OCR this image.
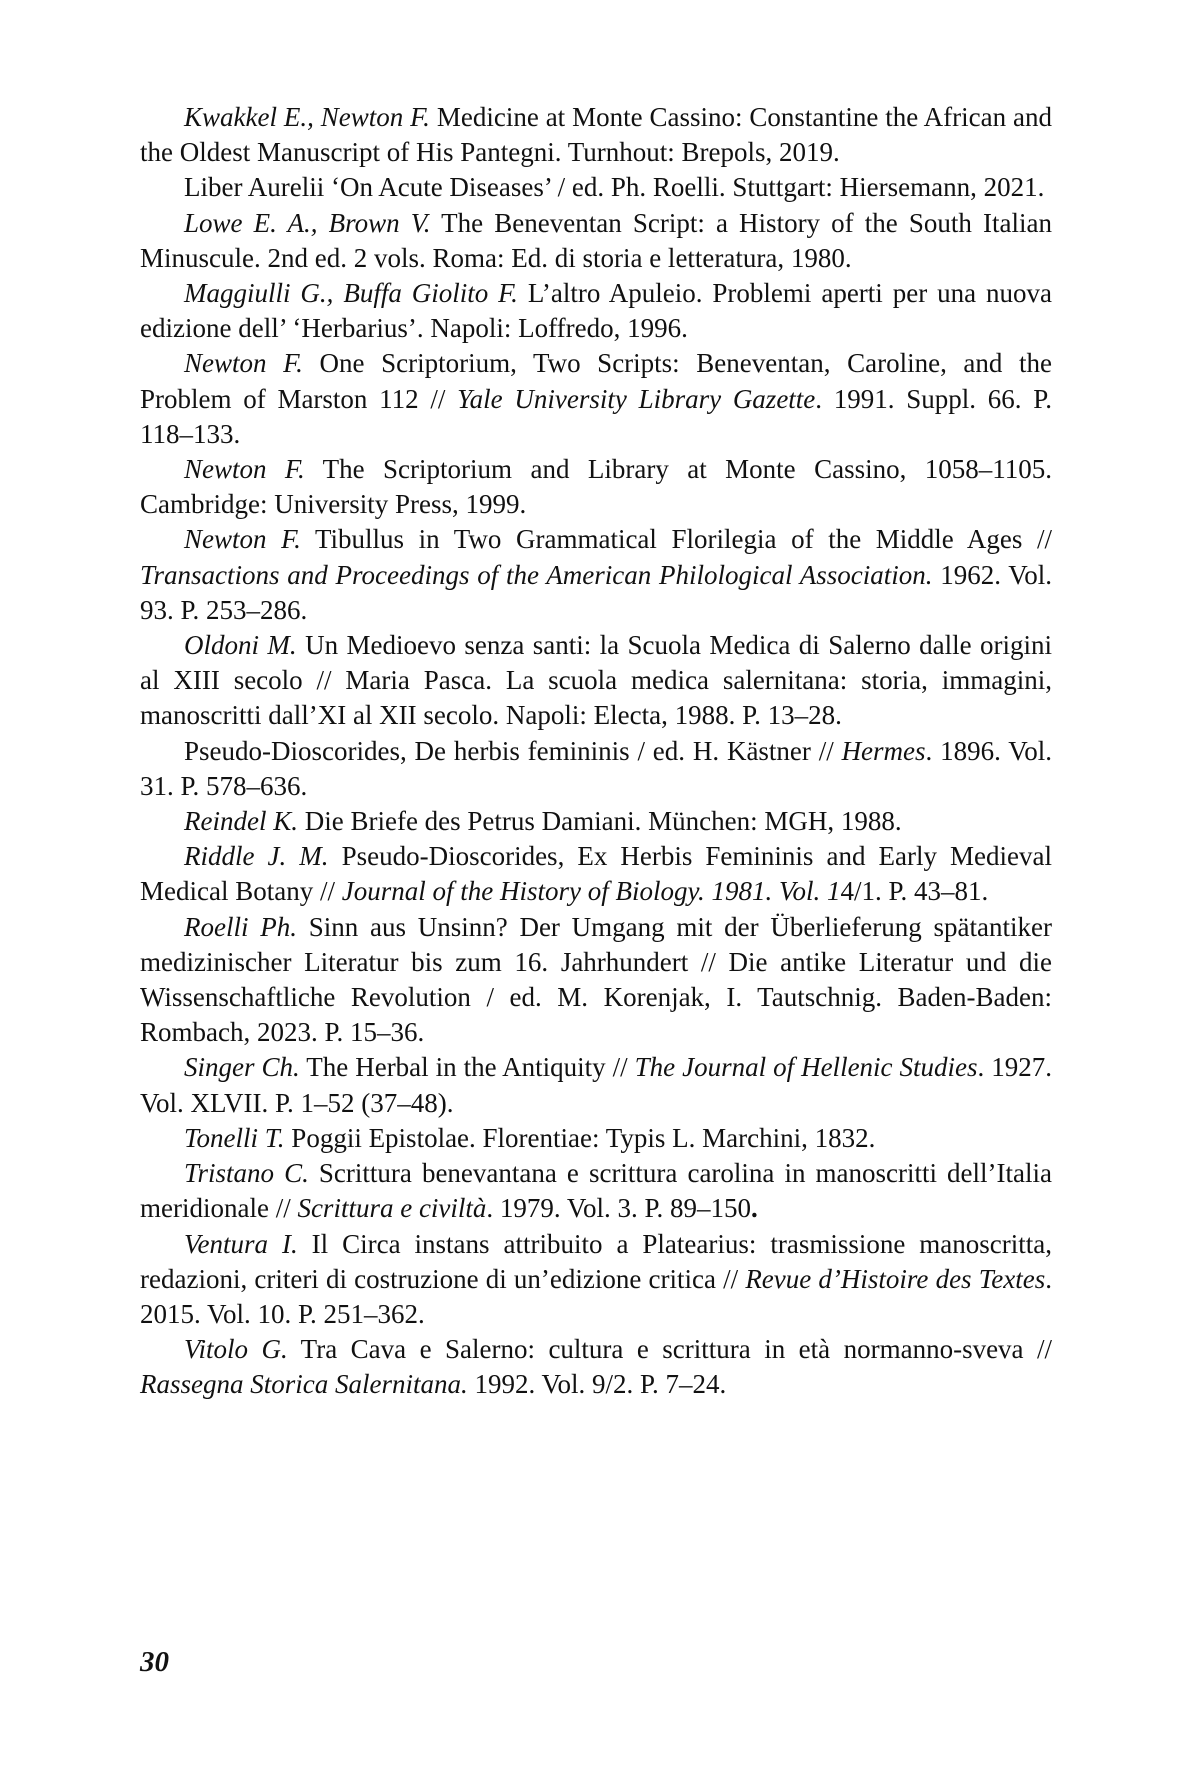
Kwakkel E., Newton F. Medicine at Monte Cassino: Constantine the Afri­can and the Oldest Manuscript of His Pantegni. Turnhout: Brepols, 2019.

Liber Aurelii ‘On Acute Diseases’ / ed. Ph. Roelli. Stuttgart: Hiersemann, 2021.

Lowe E. A., Brown V. The Beneventan Script: a History of the South Italian Minuscule. 2nd ed. 2 vols. Roma: Ed. di storia e letteratura, 1980.

Maggiulli G., Buffa Giolito F. L’altro Apuleio. Problemi aperti per una nuo­va edizione dell’ ‘Herbarius’. Napoli: Loffredo, 1996.

Newton F. One Scriptorium, Two Scripts: Beneventan, Caroline, and the Problem of Marston 112 // Yale University Library Gazette. 1991. Suppl. 66. P. 118–133.

Newton F. The Scriptorium and Library at Monte Cassino, 1058–1105. Cambridge: University Press, 1999.

Newton F. Tibullus in Two Grammatical Florilegia of the Middle Ages // Transactions and Proceedings of the American Philological Association. 1962. Vol. 93. P. 253–286.

Oldoni M. Un Medioevo senza santi: la Scuola Medica di Salerno dalle origini al XIII secolo // Maria Pasca. La scuola medica salernitana: storia, im­magini, manoscritti dall’XI al XII secolo. Napoli: Electa, 1988. P. 13–28.

Pseudo-Dioscorides, De herbis femininis / ed. H. Kästner // Hermes. 1896. Vol. 31. P. 578–636.

Reindel K. Die Briefe des Petrus Damiani. München: MGH, 1988.

Riddle J. M. Pseudo-Dioscorides, Ex Herbis Femininis and Early Medieval Medical Botany // Journal of the History of Biology. 1981. Vol. 14/1. P. 43–81.

Roelli Ph. Sinn aus Unsinn? Der Umgang mit der Überlieferung spätan­tiker medizinischer Literatur bis zum 16. Jahrhundert // Die antike Literatur und die Wissenschaftliche Revolution / ed. M. Korenjak, I. Tautschnig. Baden-Baden: Rombach, 2023. P. 15–36.

Singer Ch. The Herbal in the Antiquity // The Journal of Hellenic Studies. 1927. Vol. XLVII. P. 1–52 (37–48).

Tonelli T. Poggii Epistolae. Florentiae: Typis L. Marchini, 1832.

Tristano C. Scrittura benevantana e scrittura carolina in manoscritti dell’Ita­lia meridionale // Scrittura e civiltà. 1979. Vol. 3. P. 89–150.

Ventura I. Il Circa instans attribuito a Platearius: trasmissione manoscritta, redazioni, criteri di costruzione di un’edizione critica // Revue d’Histoire des Textes. 2015. Vol. 10. P. 251–362.

Vitolo G. Tra Cava e Salerno: cultura e scrittura in età normanno-sveva // Rassegna Storica Salernitana. 1992. Vol. 9/2. P. 7–24.

30
